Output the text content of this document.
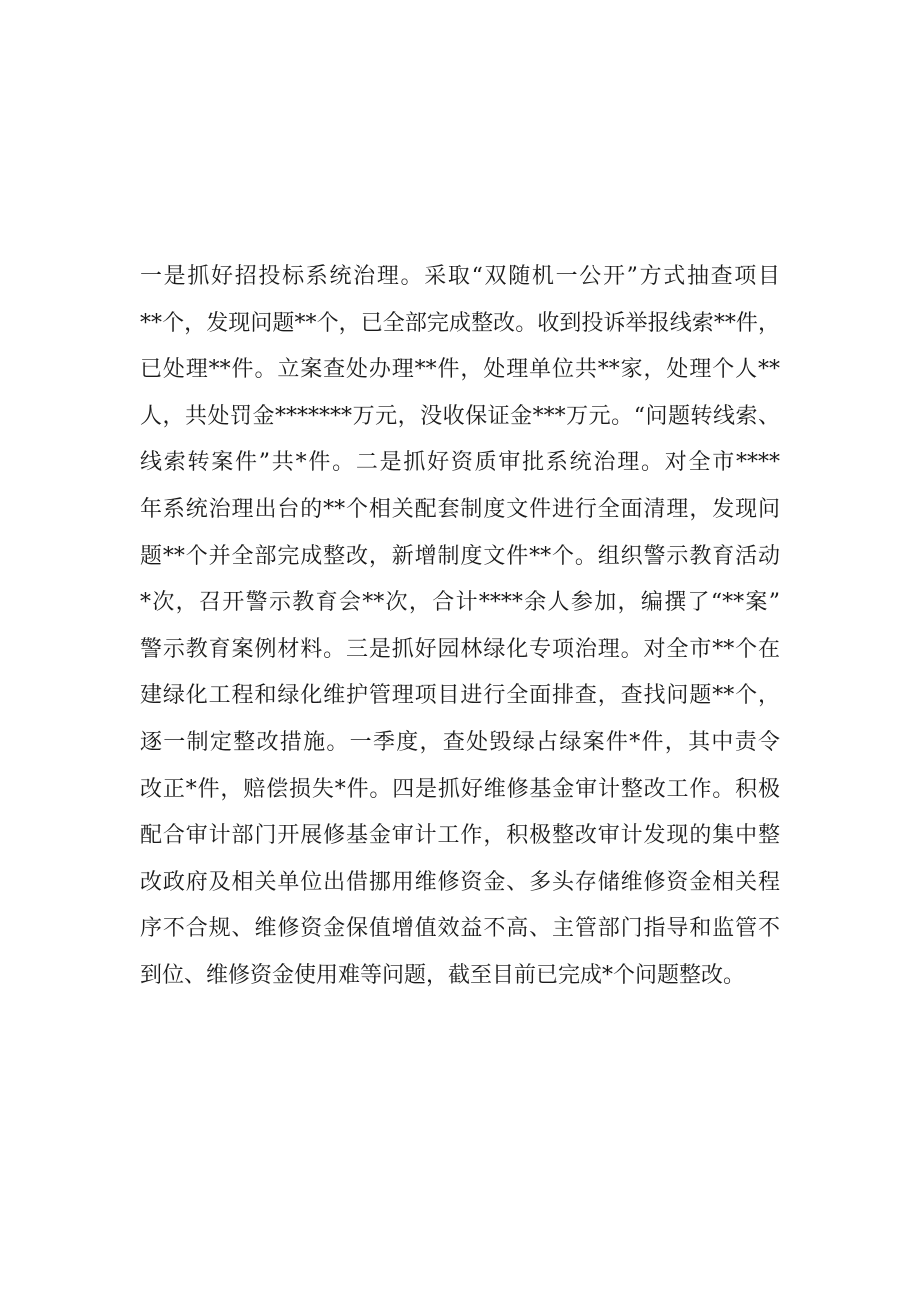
一是抓好招投标系统治理。采取“双随机一公开”方式抽查项目
**个，发现问题**个，已全部完成整改。收到投诉举报线索**件，
已处理**件。立案查处办理**件，处理单位共**家，处理个人**
人，共处罚金*******万元，没收保证金***万元。“问题转线索、
线索转案件”共*件。二是抓好资质审批系统治理。对全市****
年系统治理出台的**个相关配套制度文件进行全面清理，发现问
题**个并全部完成整改，新增制度文件**个。组织警示教育活动
*次，召开警示教育会**次，合计****余人参加，编撰了“**案”
警示教育案例材料。三是抓好园林绿化专项治理。对全市**个在
建绿化工程和绿化维护管理项目进行全面排查，查找问题**个，
逐一制定整改措施。一季度，查处毁绿占绿案件*件，其中责令
改正*件，赔偿损失*件。四是抓好维修基金审计整改工作。积极
配合审计部门开展修基金审计工作，积极整改审计发现的集中整
改政府及相关单位出借挪用维修资金、多头存储维修资金相关程
序不合规、维修资金保值增值效益不高、主管部门指导和监管不
到位、维修资金使用难等问题，截至目前已完成*个问题整改。
